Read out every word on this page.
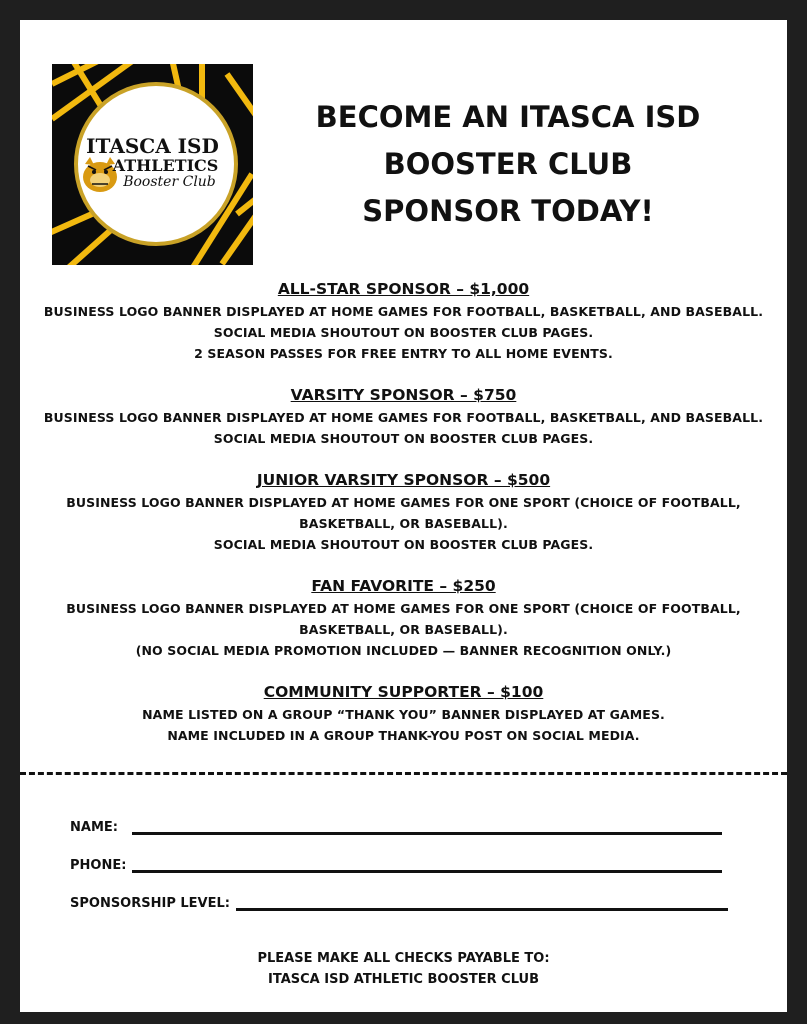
ITASCA ISD
ATHLETICS
Booster Club
BECOME AN ITASCA ISD
BOOSTER CLUB
SPONSOR TODAY!
ALL-STAR SPONSOR – $1,000
BUSINESS LOGO BANNER DISPLAYED AT HOME GAMES FOR FOOTBALL, BASKETBALL, AND BASEBALL.
SOCIAL MEDIA SHOUTOUT ON BOOSTER CLUB PAGES.
2 SEASON PASSES FOR FREE ENTRY TO ALL HOME EVENTS.
VARSITY SPONSOR – $750
BUSINESS LOGO BANNER DISPLAYED AT HOME GAMES FOR FOOTBALL, BASKETBALL, AND BASEBALL.
SOCIAL MEDIA SHOUTOUT ON BOOSTER CLUB PAGES.
JUNIOR VARSITY SPONSOR – $500
BUSINESS LOGO BANNER DISPLAYED AT HOME GAMES FOR ONE SPORT (CHOICE OF FOOTBALL,
BASKETBALL, OR BASEBALL).
SOCIAL MEDIA SHOUTOUT ON BOOSTER CLUB PAGES.
FAN FAVORITE – $250
BUSINESS LOGO BANNER DISPLAYED AT HOME GAMES FOR ONE SPORT (CHOICE OF FOOTBALL,
BASKETBALL, OR BASEBALL).
(NO SOCIAL MEDIA PROMOTION INCLUDED — BANNER RECOGNITION ONLY.)
COMMUNITY SUPPORTER – $100
NAME LISTED ON A GROUP “THANK YOU” BANNER DISPLAYED AT GAMES.
NAME INCLUDED IN A GROUP THANK-YOU POST ON SOCIAL MEDIA.
NAME:
PHONE:
SPONSORSHIP LEVEL:
PLEASE MAKE ALL CHECKS PAYABLE TO:
ITASCA ISD ATHLETIC BOOSTER CLUB
